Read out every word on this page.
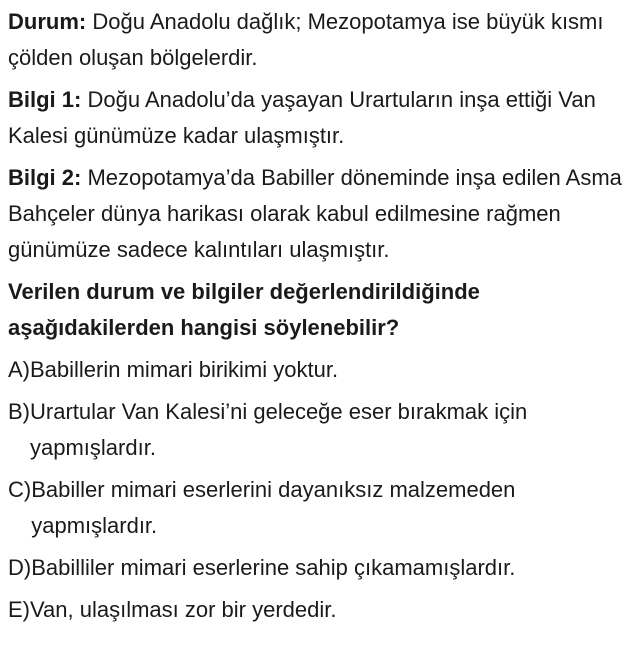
Durum: Doğu Anadolu dağlık; Mezopotamya ise büyük kısmı çölden oluşan bölgelerdir.

Bilgi 1: Doğu Anadolu’da yaşayan Urartuların inşa ettiği Van Kalesi günümüze kadar ulaşmıştır.

Bilgi 2: Mezopotamya’da Babiller döneminde inşa edilen Asma Bahçeler dünya harikası olarak kabul edilmesine rağmen günümüze sadece kalıntıları ulaşmıştır.

Verilen durum ve bilgiler değerlendirildiğinde aşağıdakilerden hangisi söylenebilir?

A) Babillerin mimari birikimi yoktur.
B) Urartular Van Kalesi’ni geleceğe eser bırakmak için yapmışlardır.
C) Babiller mimari eserlerini dayanıksız malzemeden yapmışlardır.
D) Babilliler mimari eserlerine sahip çıkamamışlardır.
E) Van, ulaşılması zor bir yerdedir.
